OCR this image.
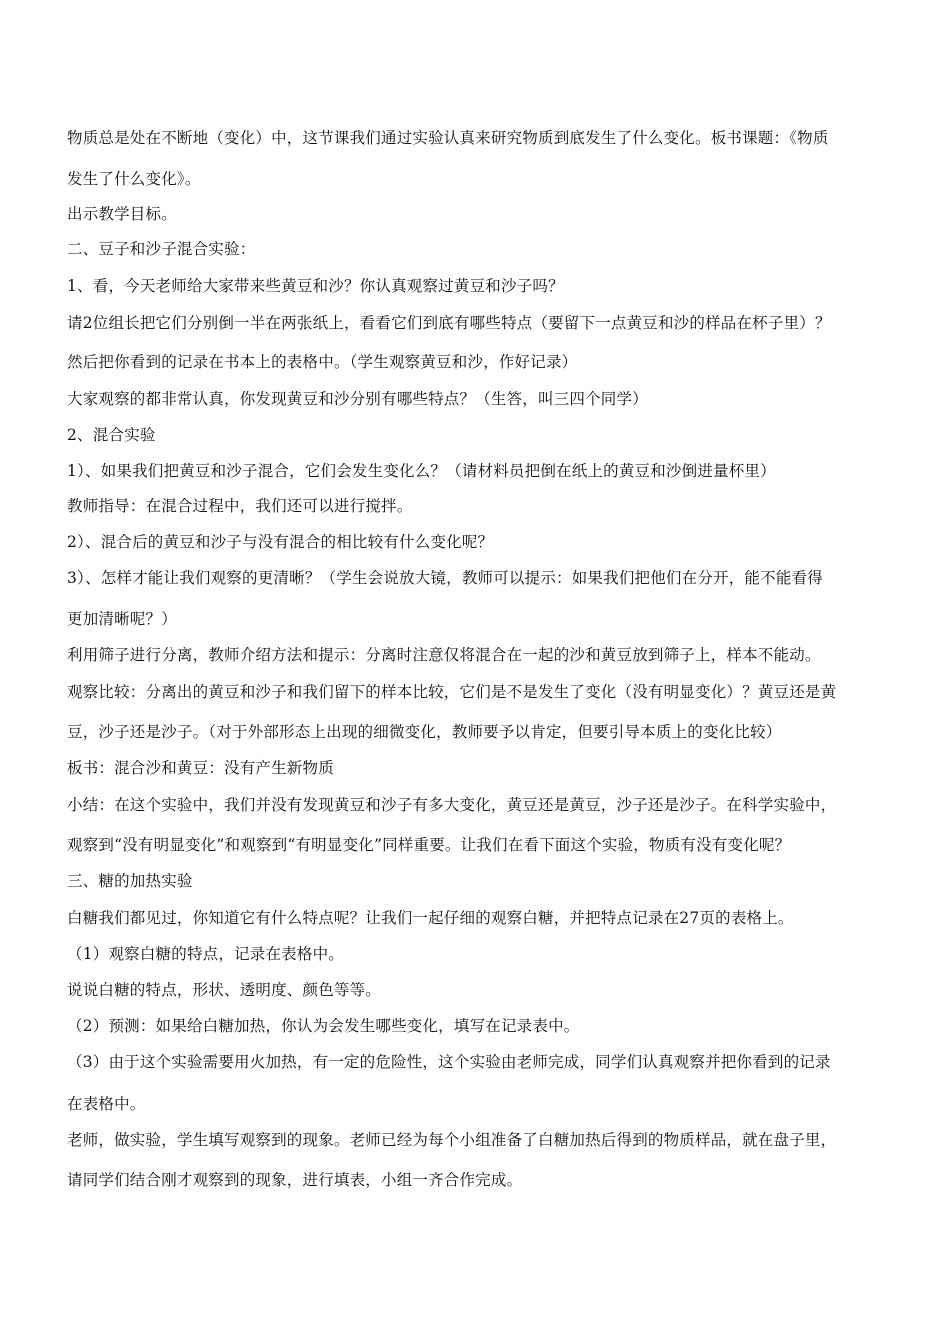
物质总是处在不断地（变化）中，这节课我们通过实验认真来研究物质到底发生了什么变化。板书课题：《物质
发生了什么变化》。
出示教学目标。
二、豆子和沙子混合实验：
1、看，今天老师给大家带来些黄豆和沙？你认真观察过黄豆和沙子吗？
请2位组长把它们分别倒一半在两张纸上，看看它们到底有哪些特点（要留下一点黄豆和沙的样品在杯子里）？
然后把你看到的记录在书本上的表格中。（学生观察黄豆和沙，作好记录）
大家观察的都非常认真，你发现黄豆和沙分别有哪些特点？（生答，叫三四个同学）
2、混合实验
1）、如果我们把黄豆和沙子混合，它们会发生变化么？（请材料员把倒在纸上的黄豆和沙倒进量杯里）
教师指导：在混合过程中，我们还可以进行搅拌。
2）、混合后的黄豆和沙子与没有混合的相比较有什么变化呢？
3）、怎样才能让我们观察的更清晰？（学生会说放大镜，教师可以提示：如果我们把他们在分开，能不能看得
更加清晰呢？）
利用筛子进行分离，教师介绍方法和提示：分离时注意仅将混合在一起的沙和黄豆放到筛子上，样本不能动。
观察比较：分离出的黄豆和沙子和我们留下的样本比较，它们是不是发生了变化（没有明显变化）？黄豆还是黄
豆，沙子还是沙子。（对于外部形态上出现的细微变化，教师要予以肯定，但要引导本质上的变化比较）
板书：混合沙和黄豆：没有产生新物质
小结：在这个实验中，我们并没有发现黄豆和沙子有多大变化，黄豆还是黄豆，沙子还是沙子。在科学实验中，
观察到“没有明显变化”和观察到“有明显变化”同样重要。让我们在看下面这个实验，物质有没有变化呢？
三、糖的加热实验
白糖我们都见过，你知道它有什么特点呢？让我们一起仔细的观察白糖，并把特点记录在27页的表格上。
（1）观察白糖的特点，记录在表格中。
说说白糖的特点，形状、透明度、颜色等等。
（2）预测：如果给白糖加热，你认为会发生哪些变化，填写在记录表中。
（3）由于这个实验需要用火加热，有一定的危险性，这个实验由老师完成，同学们认真观察并把你看到的记录
在表格中。
老师，做实验，学生填写观察到的现象。老师已经为每个小组准备了白糖加热后得到的物质样品，就在盘子里，
请同学们结合刚才观察到的现象，进行填表，小组一齐合作完成。
